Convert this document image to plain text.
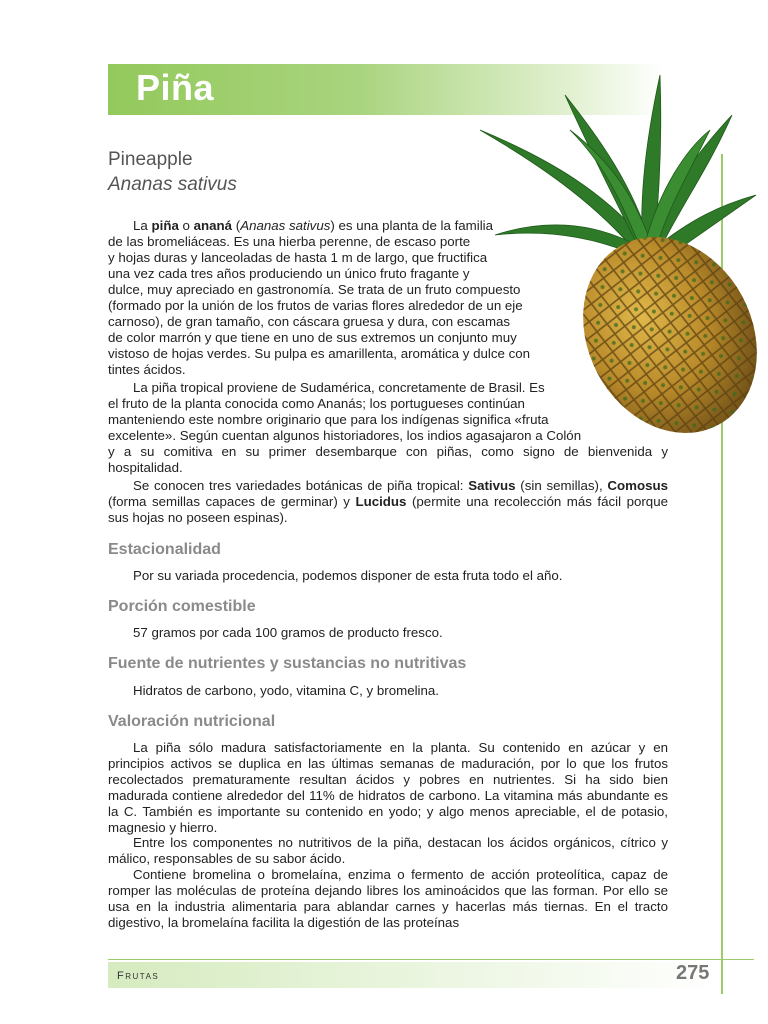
Piña
Pineapple
Ananas sativus

La piña o ananá (Ananas sativus) es una planta de la familia

de las bromeliáceas. Es una hierba perenne, de escaso porte

y hojas duras y lanceoladas de hasta 1 m de largo, que fructifica

una vez cada tres años produciendo un único fruto fragante y

dulce, muy apreciado en gastronomía. Se trata de un fruto compuesto

(formado por la unión de los frutos de varias flores alrededor de un eje

carnoso), de gran tamaño, con cáscara gruesa y dura, con escamas

de color marrón y que tiene en uno de sus extremos un conjunto muy

vistoso de hojas verdes. Su pulpa es amarillenta, aromática y dulce con

tintes ácidos.

La piña tropical proviene de Sudamérica, concretamente de Brasil. Es

el fruto de la planta conocida como Ananás; los portugueses continúan

manteniendo este nombre originario que para los indígenas significa «fruta

excelente». Según cuentan algunos historiadores, los indios agasajaron a Colón

y a su comitiva en su primer desembarque con piñas, como signo de bienvenida y hospitalidad.

Se conocen tres variedades botánicas de piña tropical: Sativus (sin semillas), Comosus (forma semillas capaces de germinar) y Lucidus (permite una recolección más fácil porque sus hojas no poseen espinas).

Estacionalidad

Por su variada procedencia, podemos disponer de esta fruta todo el año.

Porción comestible

57 gramos por cada 100 gramos de producto fresco.

Fuente de nutrientes y sustancias no nutritivas

Hidratos de carbono, yodo, vitamina C, y bromelina.

Valoración nutricional

La piña sólo madura satisfactoriamente en la planta. Su contenido en azúcar y en principios activos se duplica en las últimas semanas de maduración, por lo que los frutos recolectados prematuramente resultan ácidos y pobres en nutrientes. Si ha sido bien madurada contiene alrededor del 11% de hidratos de carbono. La vitamina más abundante es la C. También es importante su contenido en yodo; y algo menos apreciable, el de potasio, magnesio y hierro.

Entre los componentes no nutritivos de la piña, destacan los ácidos orgánicos, cítrico y málico, responsables de su sabor ácido.

Contiene bromelina o bromelaína, enzima o fermento de acción proteolítica, capaz de romper las moléculas de proteína dejando libres los aminoácidos que las forman. Por ello se usa en la industria alimentaria para ablandar carnes y hacerlas más tiernas. En el tracto digestivo, la bromelaína facilita la digestión de las proteínas

Frutas	275
